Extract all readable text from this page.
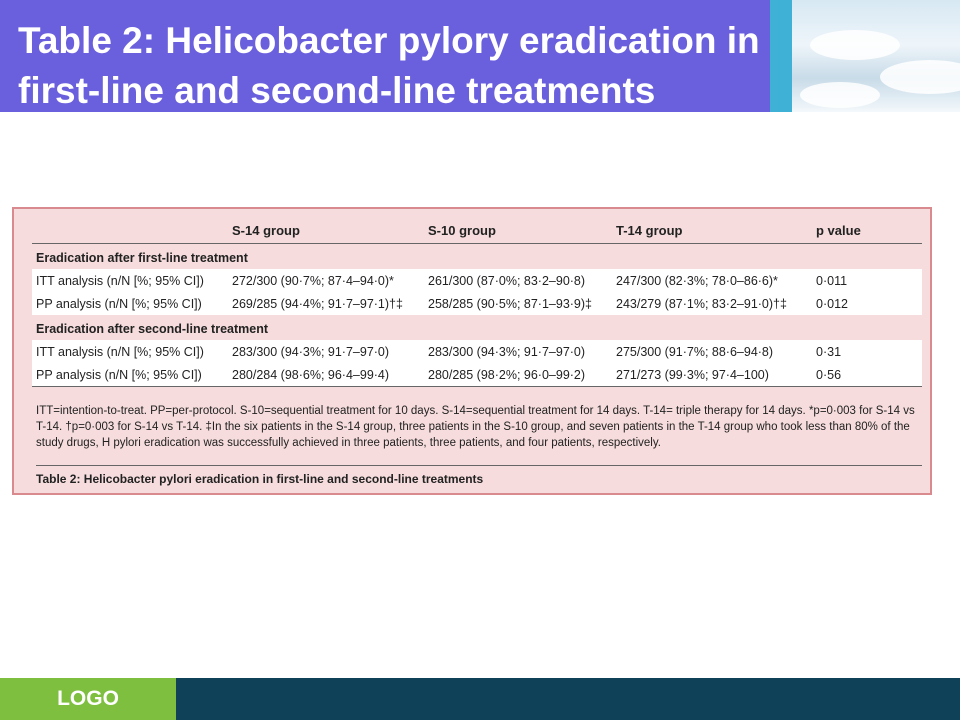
Table 2: Helicobacter pylory eradication in
first-line and second-line treatments
	S-14 group	S-10 group	T-14 group	p value
Eradication after first-line treatment				
ITT analysis (n/N [%; 95% CI])	272/300 (90·7%; 87·4–94·0)*	261/300 (87·0%; 83·2–90·8)	247/300 (82·3%; 78·0–86·6)*	0·011
PP analysis (n/N [%; 95% CI])	269/285 (94·4%; 91·7–97·1)†‡	258/285 (90·5%; 87·1–93·9)‡	243/279 (87·1%; 83·2–91·0)†‡	0·012
Eradication after second-line treatment				
ITT analysis (n/N [%; 95% CI])	283/300 (94·3%; 91·7–97·0)	283/300 (94·3%; 91·7–97·0)	275/300 (91·7%; 88·6–94·8)	0·31
PP analysis (n/N [%; 95% CI])	280/284 (98·6%; 96·4–99·4)	280/285 (98·2%; 96·0–99·2)	271/273 (99·3%; 97·4–100)	0·56
ITT=intention-to-treat. PP=per-protocol. S-10=sequential treatment for 10 days. S-14=sequential treatment for 14 days. T-14= triple therapy for 14 days. *p=0·003 for S-14 vs T-14. †p=0·003 for S-14 vs T-14. ‡In the six patients in the S-14 group, three patients in the S-10 group, and seven patients in the T-14 group who took less than 80% of the study drugs, H pylori eradication was successfully achieved in three patients, three patients, and four patients, respectively.
Table 2: Helicobacter pylori eradication in first-line and second-line treatments
LOGO
